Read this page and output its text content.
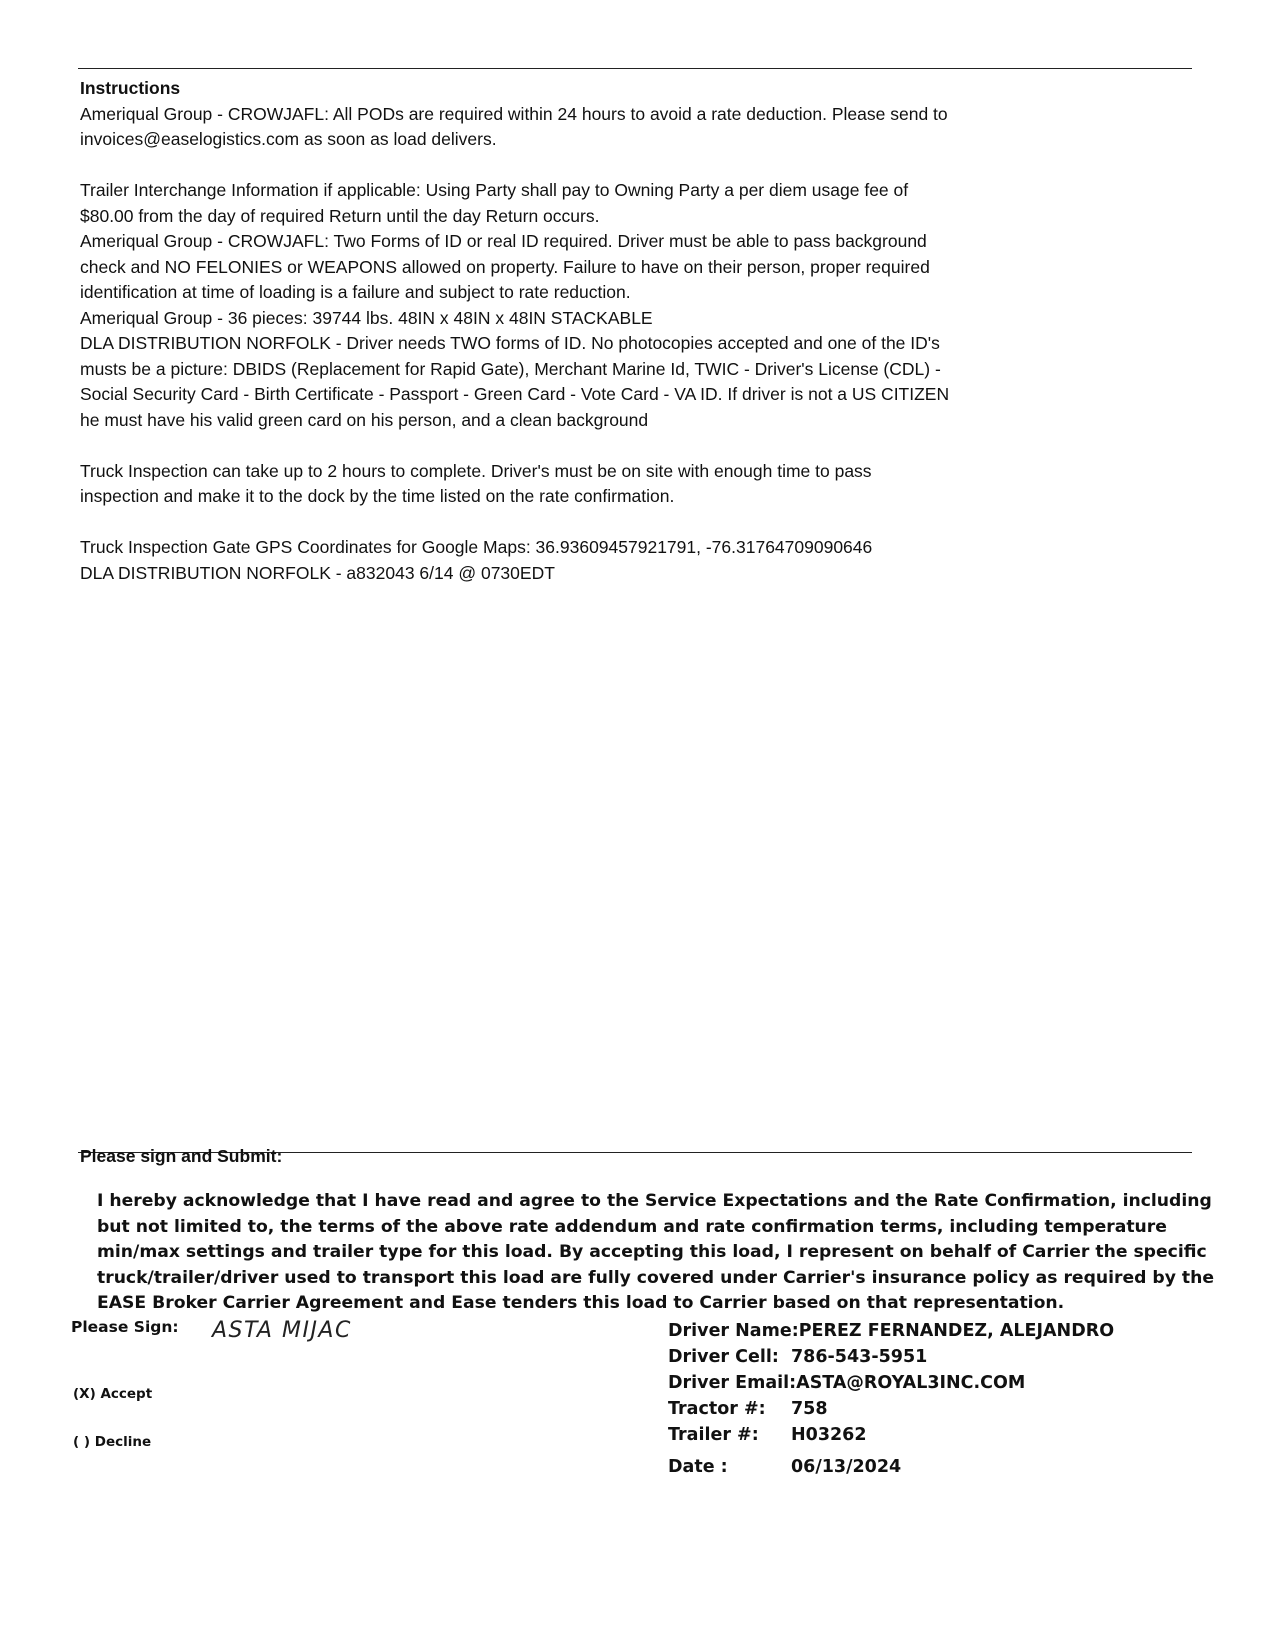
Instructions
Ameriqual Group - CROWJAFL: All PODs are required within 24 hours to avoid a rate deduction. Please send to
invoices@easelogistics.com as soon as load delivers.
Trailer Interchange Information if applicable: Using Party shall pay to Owning Party a per diem usage fee of
$80.00 from the day of required Return until the day Return occurs.
Ameriqual Group - CROWJAFL: Two Forms of ID or real ID required. Driver must be able to pass background
check and NO FELONIES or WEAPONS allowed on property. Failure to have on their person, proper required
identification at time of loading is a failure and subject to rate reduction.
Ameriqual Group - 36 pieces: 39744 lbs. 48IN x 48IN x 48IN STACKABLE
DLA DISTRIBUTION NORFOLK - Driver needs TWO forms of ID. No photocopies accepted and one of the ID's
musts be a picture: DBIDS (Replacement for Rapid Gate), Merchant Marine Id, TWIC - Driver's License (CDL) -
Social Security Card - Birth Certificate - Passport - Green Card - Vote Card - VA ID. If driver is not a US CITIZEN
he must have his valid green card on his person, and a clean background
Truck Inspection can take up to 2 hours to complete. Driver's must be on site with enough time to pass
inspection and make it to the dock by the time listed on the rate confirmation.
Truck Inspection Gate GPS Coordinates for Google Maps: 36.93609457921791, -76.31764709090646
DLA DISTRIBUTION NORFOLK - a832043 6/14 @ 0730EDT
Please sign and Submit:
I hereby acknowledge that I have read and agree to the Service Expectations and the Rate Confirmation, including
but not limited to, the terms of the above rate addendum and rate confirmation terms, including temperature
min/max settings and trailer type for this load. By accepting this load, I represent on behalf of Carrier the specific
truck/trailer/driver used to transport this load are fully covered under Carrier's insurance policy as required by the
EASE Broker Carrier Agreement and Ease tenders this load to Carrier based on that representation.
Please Sign: ASTA MIJAC
(X) Accept
( ) Decline
Driver Name: PEREZ FERNANDEZ, ALEJANDRO
Driver Cell: 786-543-5951
Driver Email: ASTA@ROYAL3INC.COM
Tractor #:	758
Trailer #:	H03262
Date :	06/13/2024
